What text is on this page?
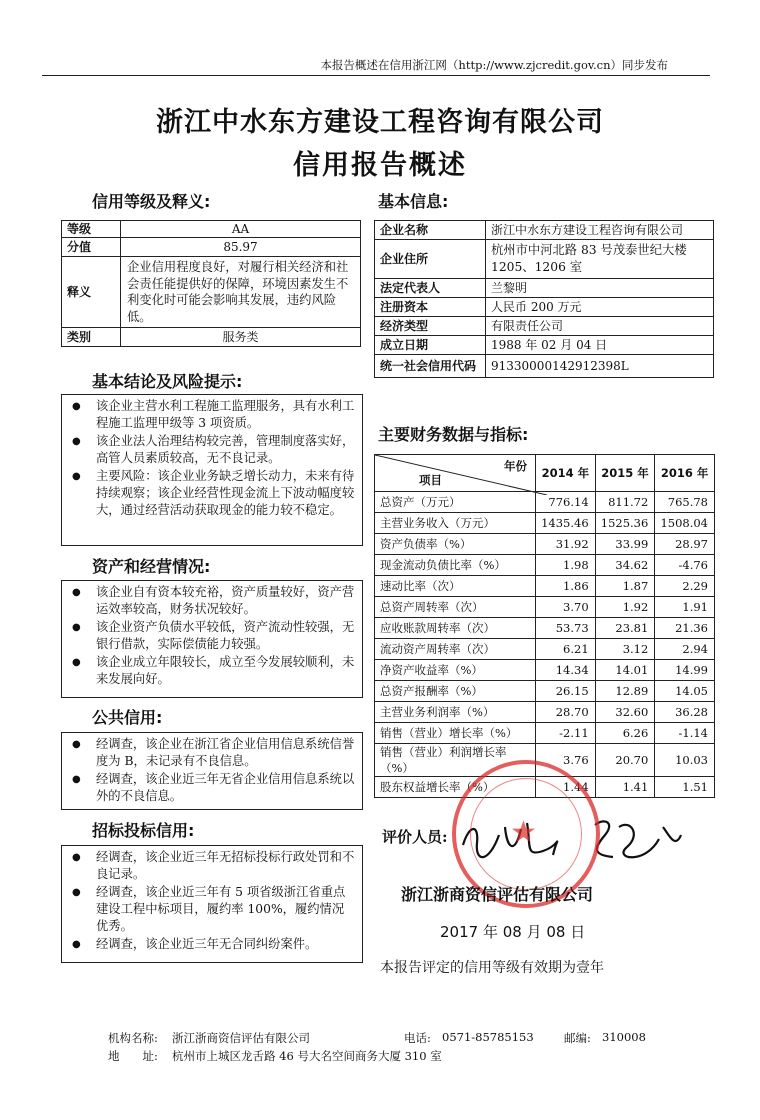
本报告概述在信用浙江网（http://www.zjcredit.gov.cn）同步发布
浙江中水东方建设工程咨询有限公司
信用报告概述
信用等级及释义:
等级	AA
分值	85.97
释义	企业信用程度良好，对履行相关经济和社会责任能提供好的保障，环境因素发生不利变化时可能会影响其发展，违约风险低。
类别	服务类
基本结论及风险提示:
● 该企业主营水利工程施工监理服务，具有水利工程施工监理甲级等 3 项资质。
● 该企业法人治理结构较完善，管理制度落实好，高管人员素质较高，无不良记录。
● 主要风险：该企业业务缺乏增长动力，未来有待持续观察；该企业经营性现金流上下波动幅度较大，通过经营活动获取现金的能力较不稳定。
资产和经营情况:
● 该企业自有资本较充裕，资产质量较好，资产营运效率较高，财务状况较好。
● 该企业资产负债水平较低，资产流动性较强，无银行借款，实际偿债能力较强。
● 该企业成立年限较长，成立至今发展较顺利，未来发展向好。
公共信用:
● 经调查，该企业在浙江省企业信用信息系统信誉度为 B，未记录有不良信息。
● 经调查，该企业近三年无省企业信用信息系统以外的不良信息。
招标投标信用:
● 经调查，该企业近三年无招标投标行政处罚和不良记录。
● 经调查，该企业近三年有 5 项省级浙江省重点建设工程中标项目，履约率 100%，履约情况优秀。
● 经调查，该企业近三年无合同纠纷案件。
基本信息:
企业名称	浙江中水东方建设工程咨询有限公司
企业住所	杭州市中河北路 83 号茂泰世纪大楼 1205、1206 室
法定代表人	兰黎明
注册资本	人民币 200 万元
经济类型	有限责任公司
成立日期	1988 年 02 月 04 日
统一社会信用代码	91330000142912398L
主要财务数据与指标:
年份
项目	2014 年	2015 年	2016 年
总资产（万元）	776.14	811.72	765.78
主营业务收入（万元）	1435.46	1525.36	1508.04
资产负债率（%）	31.92	33.99	28.97
现金流动负债比率（%）	1.98	34.62	-4.76
速动比率（次）	1.86	1.87	2.29
总资产周转率（次）	3.70	1.92	1.91
应收账款周转率（次）	53.73	23.81	21.36
流动资产周转率（次）	6.21	3.12	2.94
净资产收益率（%）	14.34	14.01	14.99
总资产报酬率（%）	26.15	12.89	14.05
主营业务利润率（%）	28.70	32.60	36.28
销售（营业）增长率（%）	-2.11	6.26	-1.14
销售（营业）利润增长率（%）	3.76	20.70	10.03
股东权益增长率（%）	1.44	1.41	1.51
评价人员: ★
浙江浙商资信评估有限公司
2017 年 08 月 08 日
本报告评定的信用等级有效期为壹年
机构名称: 浙江浙商资信评估有限公司	电话: 0571-85785153	邮编: 310008
地　　址: 杭州市上城区龙舌路 46 号大名空间商务大厦 310 室
